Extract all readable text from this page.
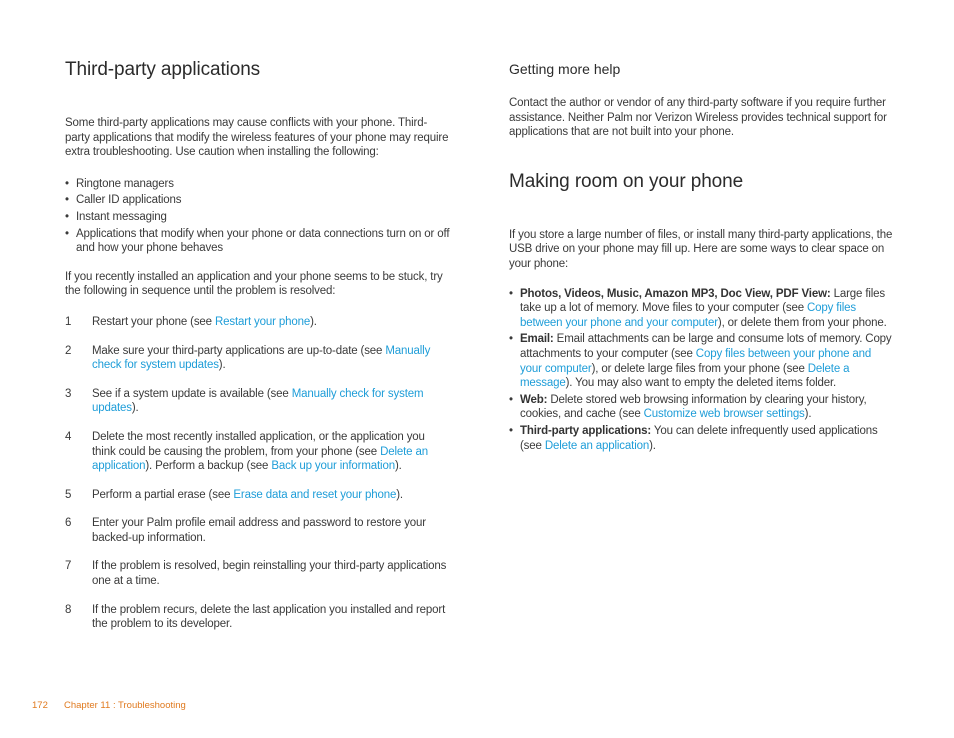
Third-party applications

Some third-party applications may cause conflicts with your phone. Third-party applications that modify the wireless features of your phone may require extra troubleshooting. Use caution when installing the following:

• Ringtone managers
• Caller ID applications
• Instant messaging
• Applications that modify when your phone or data connections turn on or off and how your phone behaves

If you recently installed an application and your phone seems to be stuck, try the following in sequence until the problem is resolved:

1	Restart your phone (see Restart your phone).
2	Make sure your third-party applications are up-to-date (see Manually check for system updates).
3	See if a system update is available (see Manually check for system updates).
4	Delete the most recently installed application, or the application you think could be causing the problem, from your phone (see Delete an application). Perform a backup (see Back up your information).
5	Perform a partial erase (see Erase data and reset your phone).
6	Enter your Palm profile email address and password to restore your backed-up information.
7	If the problem is resolved, begin reinstalling your third-party applications one at a time.
8	If the problem recurs, delete the last application you installed and report the problem to its developer.
Getting more help

Contact the author or vendor of any third-party software if you require further assistance. Neither Palm nor Verizon Wireless provides technical support for applications that are not built into your phone.

Making room on your phone

If you store a large number of files, or install many third-party applications, the USB drive on your phone may fill up. Here are some ways to clear space on your phone:

• Photos, Videos, Music, Amazon MP3, Doc View, PDF View: Large files take up a lot of memory. Move files to your computer (see Copy files between your phone and your computer), or delete them from your phone.
• Email: Email attachments can be large and consume lots of memory. Copy attachments to your computer (see Copy files between your phone and your computer), or delete large files from your phone (see Delete a message). You may also want to empty the deleted items folder.
• Web: Delete stored web browsing information by clearing your history, cookies, and cache (see Customize web browser settings).
• Third-party applications: You can delete infrequently used applications (see Delete an application).
172 Chapter 11 : Troubleshooting
